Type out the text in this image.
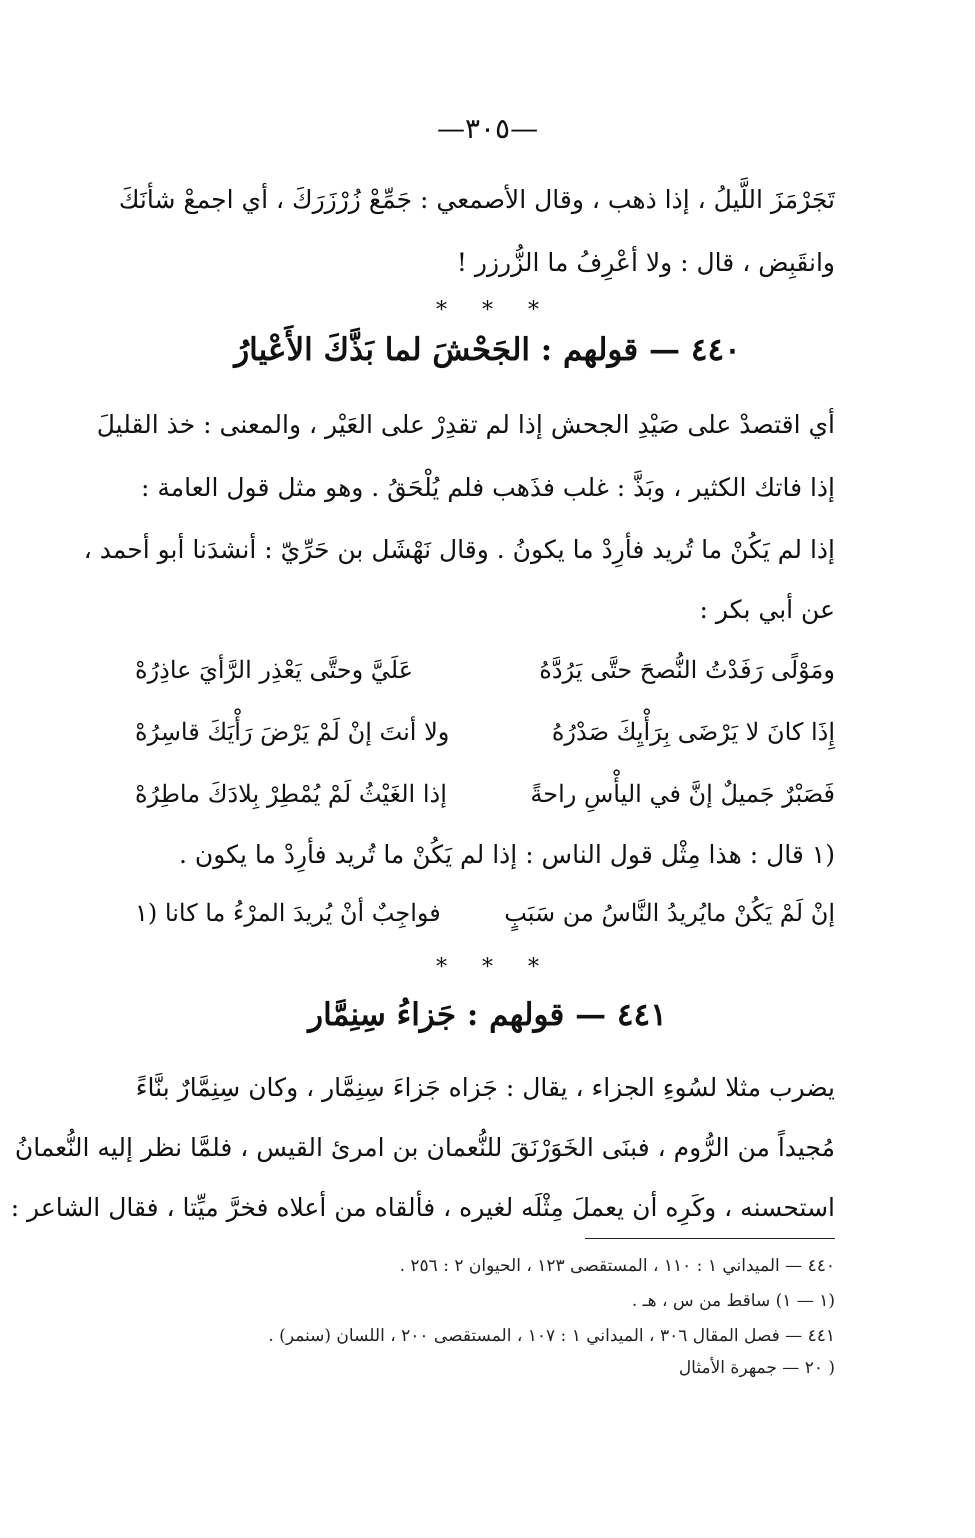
—٣٠٥—
تَجَرْمَزَ اللَّيلُ ، إذا ذهب ، وقال الأصمعي : جَمِّعْ زُرْزَرَكَ ، أي اجمعْ شأنَكَ
وانقَبِض ، قال : ولا أعْرِفُ ما الزُّرزر !
* * *
٤٤٠ — قولهم : الجَحْشَ لما بَذَّكَ الأَعْيارُ
أي اقتصدْ على صَيْدِ الجحش إذا لم تقدِرْ على العَيْر ، والمعنى : خذ القليلَ
إذا فاتك الكثير ، وبَذَّ : غلب فذَهب فلم يُلْحَقُ . وهو مثل قول العامة :
إذا لم يَكُنْ ما تُريد فأرِدْ ما يكونُ . وقال نَهْشَل بن حَرِّيّ : أنشدَنا أبو أحمد ،
عن أبي بكر :
ومَوْلًى رَفَدْتُ النُّصحَ حتَّى يَرُدَّهُ
عَلَيَّ وحتَّى يَعْذِر الرَّأيَ عاذِرُهْ
إِذَا كانَ لا يَرْضَى بِرَأْيِكَ صَدْرُهُ
ولا أنتَ إنْ لَمْ يَرْضَ رَأْيَكَ قاسِرُهْ
فَصَبْرٌ جَميلٌ إنَّ في اليأْسِ راحةً
إذا الغَيْثُ لَمْ يُمْطِرْ بِلادَكَ ماطِرُهْ
(١ قال : هذا مِثْل قول الناس : إذا لم يَكُنْ ما تُريد فأرِدْ ما يكون .
إنْ لَمْ يَكُنْ مايُريدُ النَّاسُ من سَبَبٍ
فواجِبٌ أنْ يُريدَ المرْءُ ما كانا (١
* * *
٤٤١ — قولهم : جَزاءُ سِنِمَّار
يضرب مثلا لسُوءِ الجزاء ، يقال : جَزاه جَزاءَ سِنِمَّار ، وكان سِنِمَّارٌ بنَّاءً
مُجيداً من الرُّوم ، فبنَى الخَوَرْنَقَ للنُّعمان بن امرئ القيس ، فلمَّا نظر إليه النُّعمانُ
استحسنه ، وكَرِه أن يعملَ مِثْلَه لغيره ، فألقاه من أعلاه فخرَّ ميِّتا ، فقال الشاعر :
٤٤٠ — الميداني ١ : ١١٠ ، المستقصى ١٢٣ ، الحيوان ٢ : ٢٥٦ .
(١ — ١) ساقط من س ، هـ .
٤٤١ — فصل المقال ٣٠٦ ، الميداني ١ : ١٠٧ ، المستقصى ٢٠٠ ، اللسان (سنمر) .
( ٢٠ — جمهرة الأمثال
